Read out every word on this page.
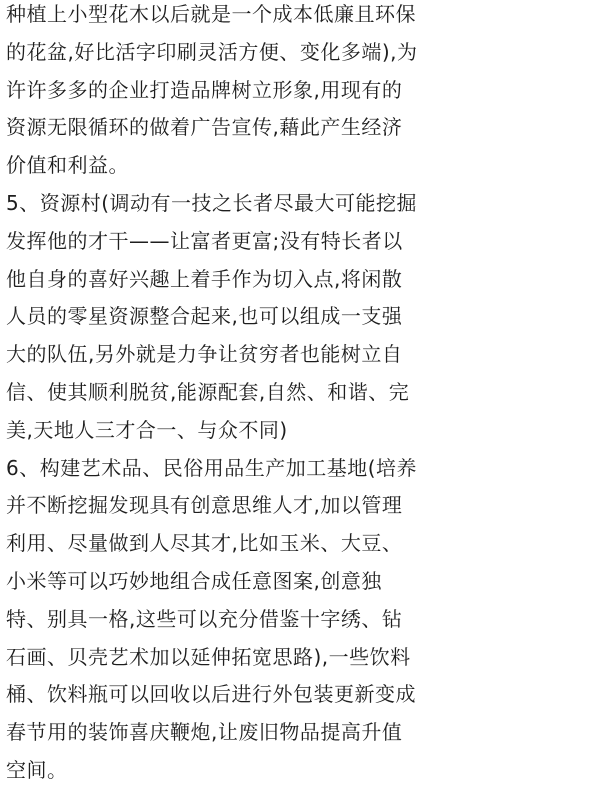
种植上小型花木以后就是一个成本低廉且环保
的花盆,好比活字印刷灵活方便、变化多端),为
许许多多的企业打造品牌树立形象,用现有的
资源无限循环的做着广告宣传,藉此产生经济
价值和利益。
5、资源村(调动有一技之长者尽最大可能挖掘
发挥他的才干——让富者更富;没有特长者以
他自身的喜好兴趣上着手作为切入点,将闲散
人员的零星资源整合起来,也可以组成一支强
大的队伍,另外就是力争让贫穷者也能树立自
信、使其顺利脱贫,能源配套,自然、和谐、完
美,天地人三才合一、与众不同)
6、构建艺术品、民俗用品生产加工基地(培养
并不断挖掘发现具有创意思维人才,加以管理
利用、尽量做到人尽其才,比如玉米、大豆、
小米等可以巧妙地组合成任意图案,创意独
特、别具一格,这些可以充分借鉴十字绣、钻
石画、贝壳艺术加以延伸拓宽思路),一些饮料
桶、饮料瓶可以回收以后进行外包装更新变成
春节用的装饰喜庆鞭炮,让废旧物品提高升值
空间。
